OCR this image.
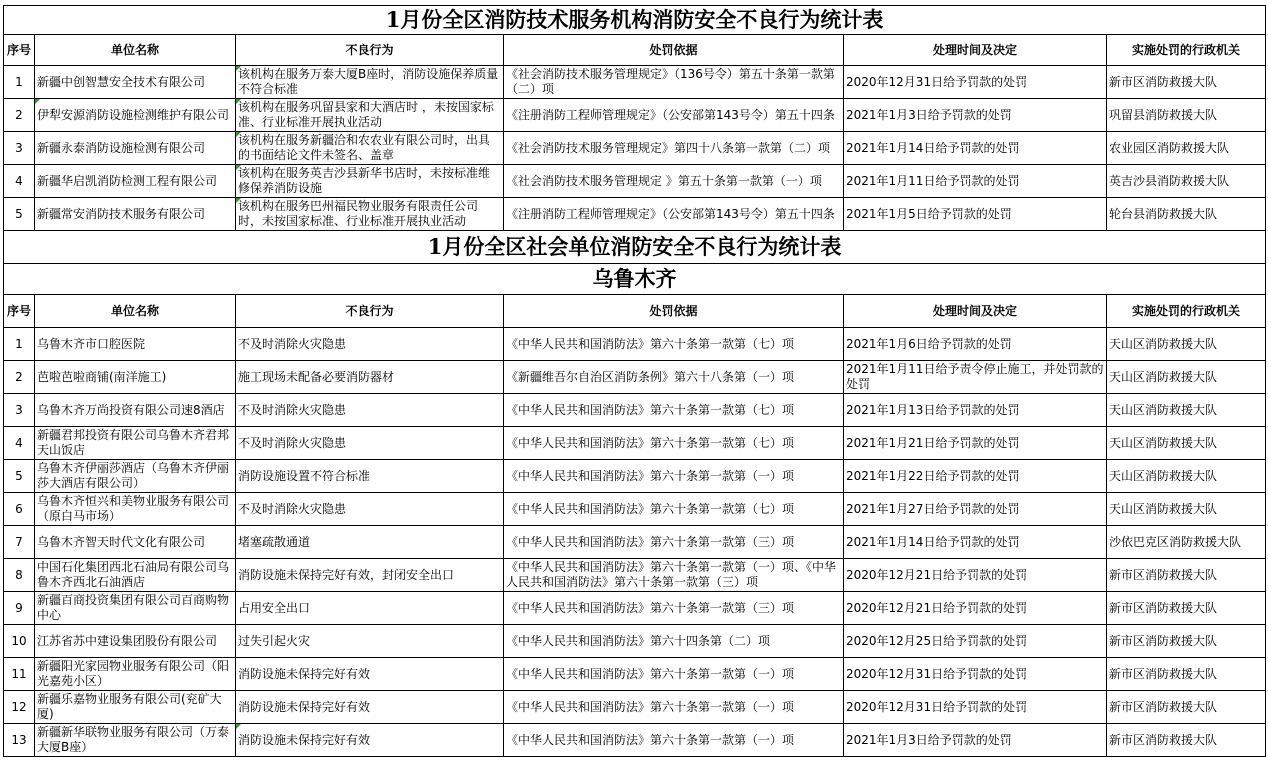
1月份全区消防技术服务机构消防安全不良行为统计表					
序号	单位名称	不良行为	处罚依据	处理时间及决定	实施处罚的行政机关
1	新疆中创智慧安全技术有限公司	该机构在服务万泰大厦B座时，消防设施保养质量不符合标准	《社会消防技术服务管理规定》（136号令）第五十条第一款第（二）项	2020年12月31日给予罚款的处罚	新市区消防救援大队
2	伊犁安源消防设施检测维护有限公司	该机构在服务巩留县家和大酒店时 ，未按国家标准、行业标准开展执业活动	《注册消防工程师管理规定》（公安部第143号令）第五十四条	2021年1月3日给予罚款的处罚	巩留县消防救援大队
3	新疆永泰消防设施检测有限公司	该机构在服务新疆洽和农农业有限公司时，出具的书面结论文件未签名、盖章	《社会消防技术服务管理规定》第四十八条第一款第（二）项	2021年1月14日给予罚款的处罚	农业园区消防救援大队
4	新疆华启凯消防检测工程有限公司	该机构在服务英吉沙县新华书店时，未按标准维修保养消防设施	《社会消防技术服务管理规定 》第五十条第一款第（一）项	2021年1月11日给予罚款的处罚	英吉沙县消防救援大队
5	新疆常安消防技术服务有限公司	该机构在服务巴州福民物业服务有限责任公司时，未按国家标准、行业标准开展执业活动	《注册消防工程师管理规定》（公安部第143号令）第五十四条	2021年1月5日给予罚款的处罚	轮台县消防救援大队
1月份全区社会单位消防安全不良行为统计表					
乌鲁木齐					
序号	单位名称	不良行为	处罚依据	处理时间及决定	实施处罚的行政机关
1	乌鲁木齐市口腔医院	不及时消除火灾隐患	《中华人民共和国消防法》第六十条第一款第（七）项	2021年1月6日给予罚款的处罚	天山区消防救援大队
2	芭啦芭啦商铺(南洋施工)	施工现场未配备必要消防器材	《新疆维吾尔自治区消防条例》第六十八条第（一）项	2021年1月11日给予责令停止施工，并处罚款的处罚	天山区消防救援大队
3	乌鲁木齐万尚投资有限公司速8酒店	不及时消除火灾隐患	《中华人民共和国消防法》第六十条第一款第（七）项	2021年1月13日给予罚款的处罚	天山区消防救援大队
4	新疆君邦投资有限公司乌鲁木齐君邦天山饭店	不及时消除火灾隐患	《中华人民共和国消防法》第六十条第一款第（七）项	2021年1月21日给予罚款的处罚	天山区消防救援大队
5	乌鲁木齐伊丽莎酒店（乌鲁木齐伊丽莎大酒店有限公司）	消防设施设置不符合标准	《中华人民共和国消防法》第六十条第一款第（一）项	2021年1月22日给予罚款的处罚	天山区消防救援大队
6	乌鲁木齐恒兴和美物业服务有限公司（原白马市场）	不及时消除火灾隐患	《中华人民共和国消防法》第六十条第一款第（七）项	2021年1月27日给予罚款的处罚	天山区消防救援大队
7	乌鲁木齐智天时代文化有限公司	堵塞疏散通道	《中华人民共和国消防法》第六十条第一款第（三）项	2021年1月14日给予罚款的处罚	沙依巴克区消防救援大队
8	中国石化集团西北石油局有限公司乌鲁木齐西北石油酒店	消防设施未保持完好有效，封闭安全出口	《中华人民共和国消防法》第六十条第一款第（一）项、《中华人民共和国消防法》第六十条第一款第（三）项	2020年12月21日给予罚款的处罚	新市区消防救援大队
9	新疆百商投资集团有限公司百商购物中心	占用安全出口	《中华人民共和国消防法》第六十条第一款第（三）项	2020年12月21日给予罚款的处罚	新市区消防救援大队
10	江苏省苏中建设集团股份有限公司	过失引起火灾	《中华人民共和国消防法》第六十四条第（二）项	2020年12月25日给予罚款的处罚	新市区消防救援大队
11	新疆阳光家园物业服务有限公司（阳光嘉苑小区）	消防设施未保持完好有效	《中华人民共和国消防法》第六十条第一款第（一）项	2020年12月31日给予罚款的处罚	新市区消防救援大队
12	新疆乐嘉物业服务有限公司(兖矿大厦)	消防设施未保持完好有效	《中华人民共和国消防法》第六十条第一款第（一）项	2020年12月31日给予罚款的处罚	新市区消防救援大队
13	新疆新华联物业服务有限公司（万泰大厦B座）	消防设施未保持完好有效	《中华人民共和国消防法》第六十条第一款第（一）项	2021年1月3日给予罚款的处罚	新市区消防救援大队
